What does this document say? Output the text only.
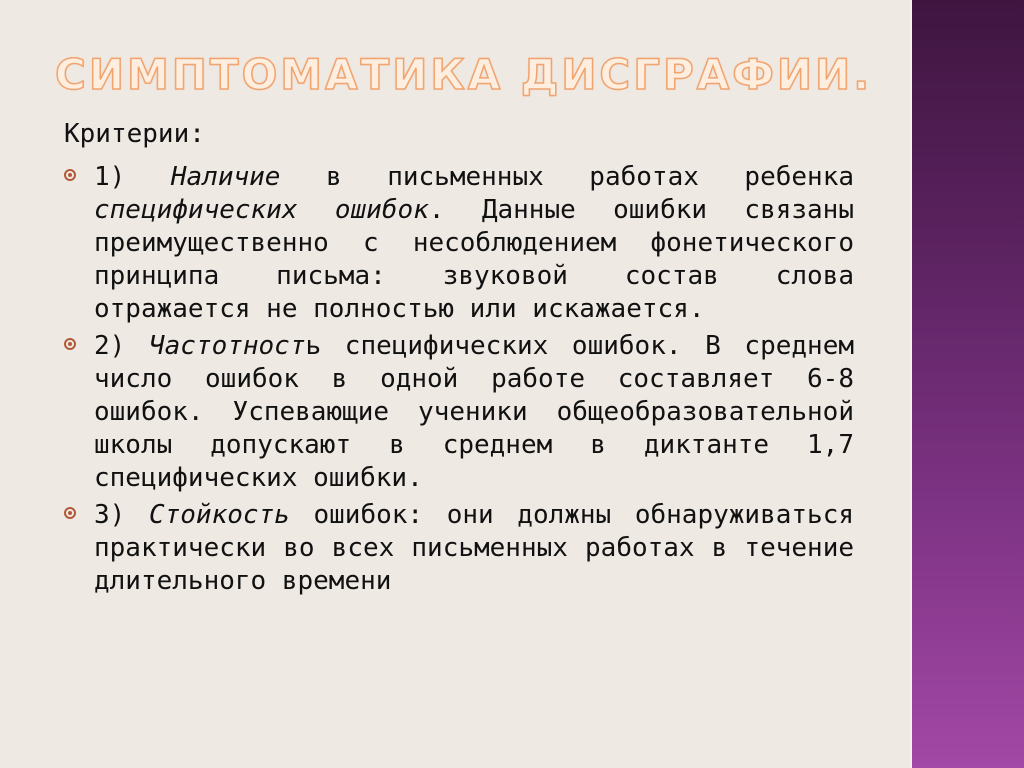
СИМПТОМАТИКА ДИСГРАФИИ.
Критерии:
1) Наличие в письменных работах ребенка специфических ошибок. Данные ошибки связаны преимущественно с несоблюдением фонетического принципа письма: звуковой состав слова отражается не полностью или искажается.
2) Частотность специфических ошибок. В среднем число ошибок в одной работе составляет 6-8 ошибок. Успевающие ученики общеобразовательной школы допускают в среднем в диктанте 1,7 специфических ошибки.
3) Стойкость ошибок: они должны обнаруживаться практически во всех письменных работах в течение длительного времени
